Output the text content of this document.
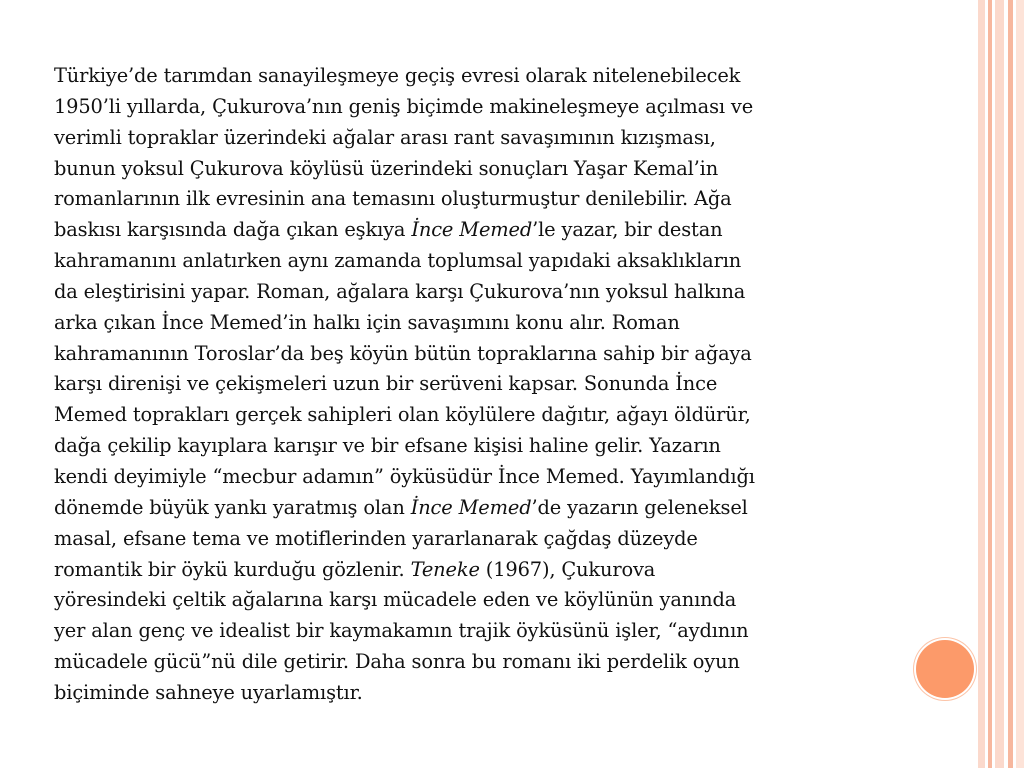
Türkiye’de tarımdan sanayileşmeye geçiş evresi olarak nitelenebilecek
1950’li yıllarda, Çukurova’nın geniş biçimde makineleşmeye açılması ve
verimli topraklar üzerindeki ağalar arası rant savaşımının kızışması,
bunun yoksul Çukurova köylüsü üzerindeki sonuçları Yaşar Kemal’in
romanlarının ilk evresinin ana temasını oluşturmuştur denilebilir. Ağa
baskısı karşısında dağa çıkan eşkıya İnce Memed’le yazar, bir destan
kahramanını anlatırken aynı zamanda toplumsal yapıdaki aksaklıkların
da eleştirisini yapar. Roman, ağalara karşı Çukurova’nın yoksul halkına
arka çıkan İnce Memed’in halkı için savaşımını konu alır. Roman
kahramanının Toroslar’da beş köyün bütün topraklarına sahip bir ağaya
karşı direnişi ve çekişmeleri uzun bir serüveni kapsar. Sonunda İnce
Memed toprakları gerçek sahipleri olan köylülere dağıtır, ağayı öldürür,
dağa çekilip kayıplara karışır ve bir efsane kişisi haline gelir. Yazarın
kendi deyimiyle “mecbur adamın” öyküsüdür İnce Memed. Yayımlandığı
dönemde büyük yankı yaratmış olan İnce Memed’de yazarın geleneksel
masal, efsane tema ve motiflerinden yararlanarak çağdaş düzeyde
romantik bir öykü kurduğu gözlenir. Teneke (1967), Çukurova
yöresindeki çeltik ağalarına karşı mücadele eden ve köylünün yanında
yer alan genç ve idealist bir kaymakamın trajik öyküsünü işler, “aydının
mücadele gücü”nü dile getirir. Daha sonra bu romanı iki perdelik oyun
biçiminde sahneye uyarlamıştır.
